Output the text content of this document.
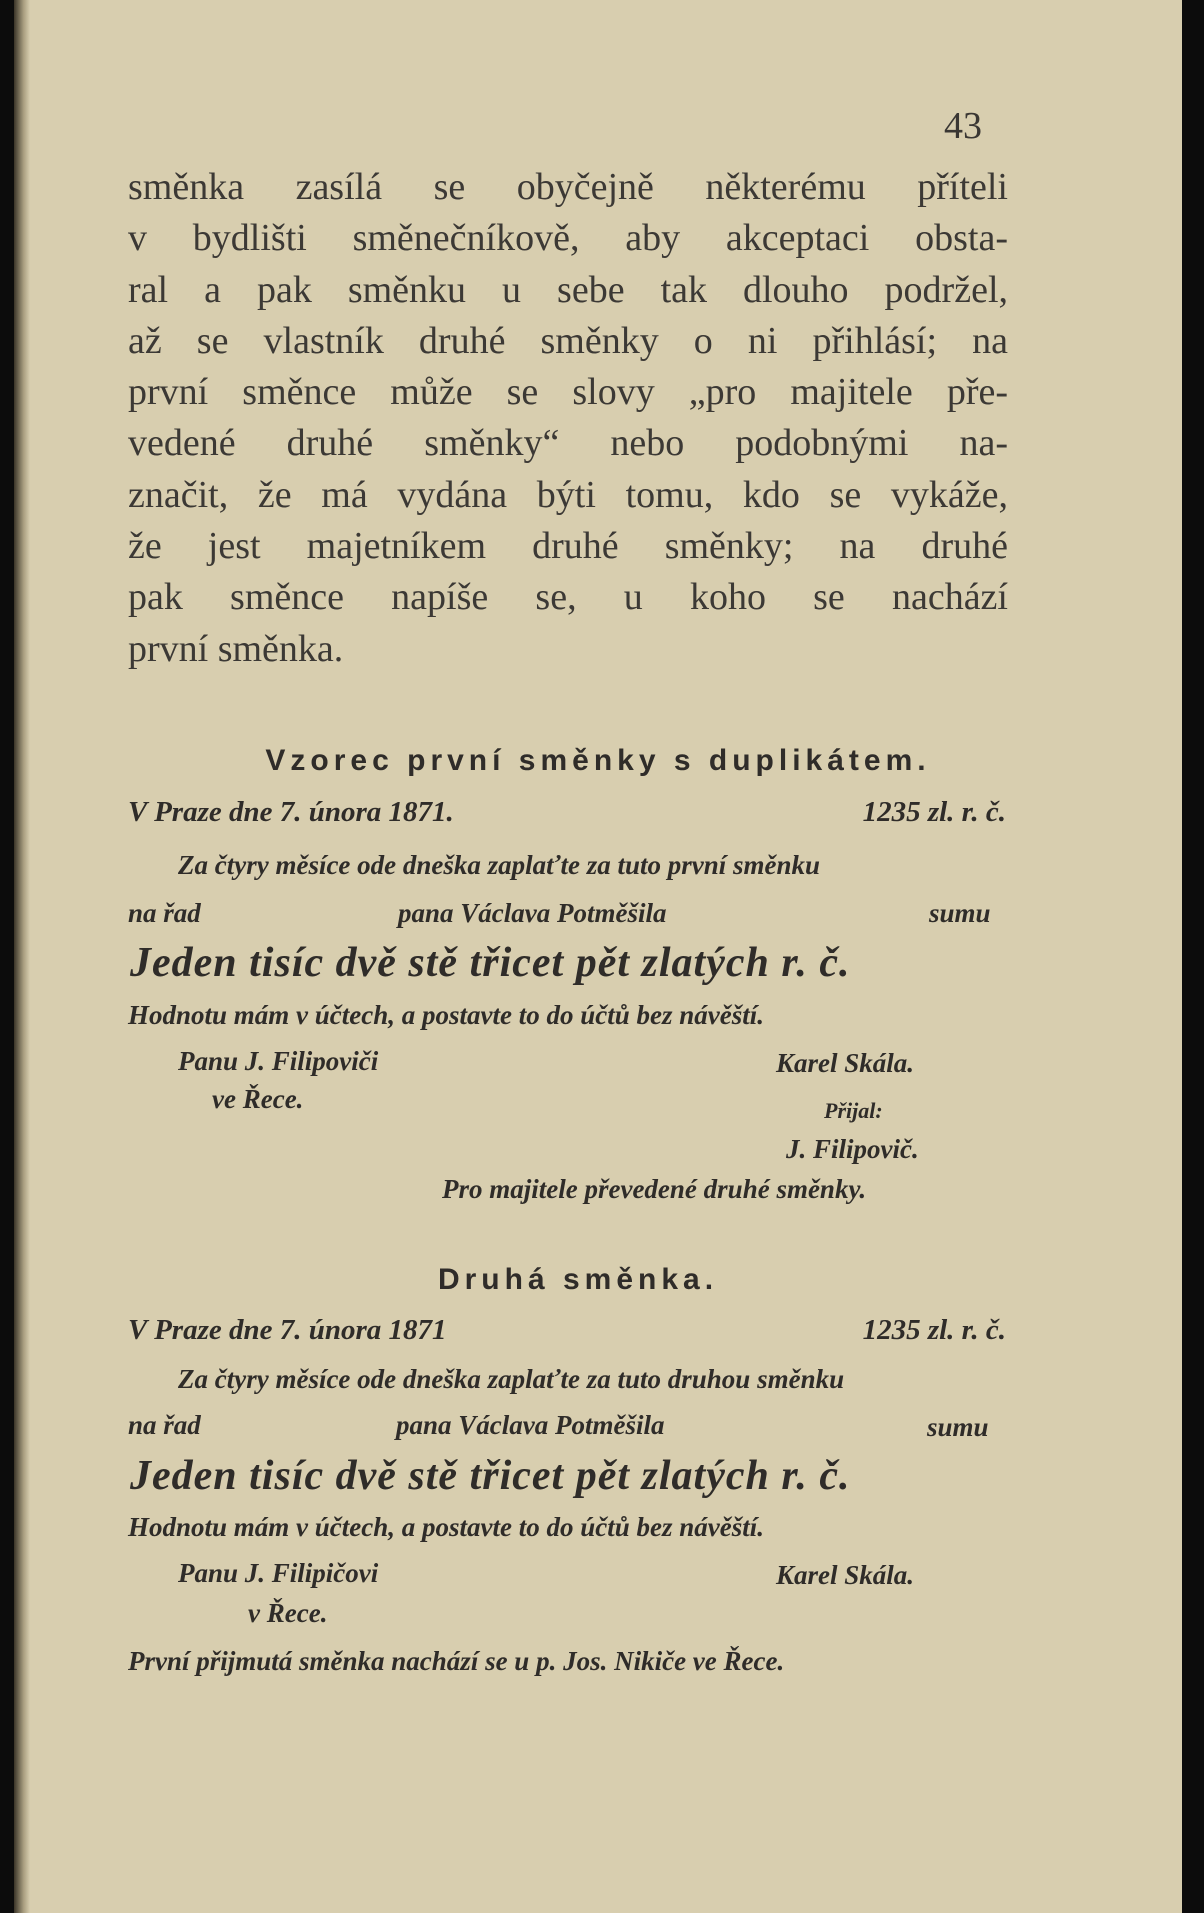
43
směnka zasílá se obyčejně některému příteli
v bydlišti směnečníkově, aby akceptaci obsta-
ral a pak směnku u sebe tak dlouho podržel,
až se vlastník druhé směnky o ni přihlásí; na
první směnce může se slovy „pro majitele pře-
vedené druhé směnky“ nebo podobnými na-
značit, že má vydána býti tomu, kdo se vykáže,
že jest majetníkem druhé směnky; na druhé
pak směnce napíše se, u koho se nachází
první směnka.
Vzorec první směnky s duplikátem.
V Praze dne 7. února 1871.	1235 zl. r. č.
Za čtyry měsíce ode dneška zaplaťte za tuto první směnku
na řad	pana Václava Potměšila	sumu
Jeden tisíc dvě stě třicet pět zlatých r. č.
Hodnotu mám v účtech, a postavte to do účtů bez návěští.
Panu J. Filipoviči
ve Řece.
Karel Skála.
Přijal:
J. Filipovič.
Pro majitele převedené druhé směnky.
Druhá směnka.
V Praze dne 7. února 1871	1235 zl. r. č.
Za čtyry měsíce ode dneška zaplaťte za tuto druhou směnku
na řad	pana Václava Potměšila	sumu
Jeden tisíc dvě stě třicet pět zlatých r. č.
Hodnotu mám v účtech, a postavte to do účtů bez návěští.
Panu J. Filipičovi
v Řece.
Karel Skála.
První přijmutá směnka nachází se u p. Jos. Nikiče ve Řece.
